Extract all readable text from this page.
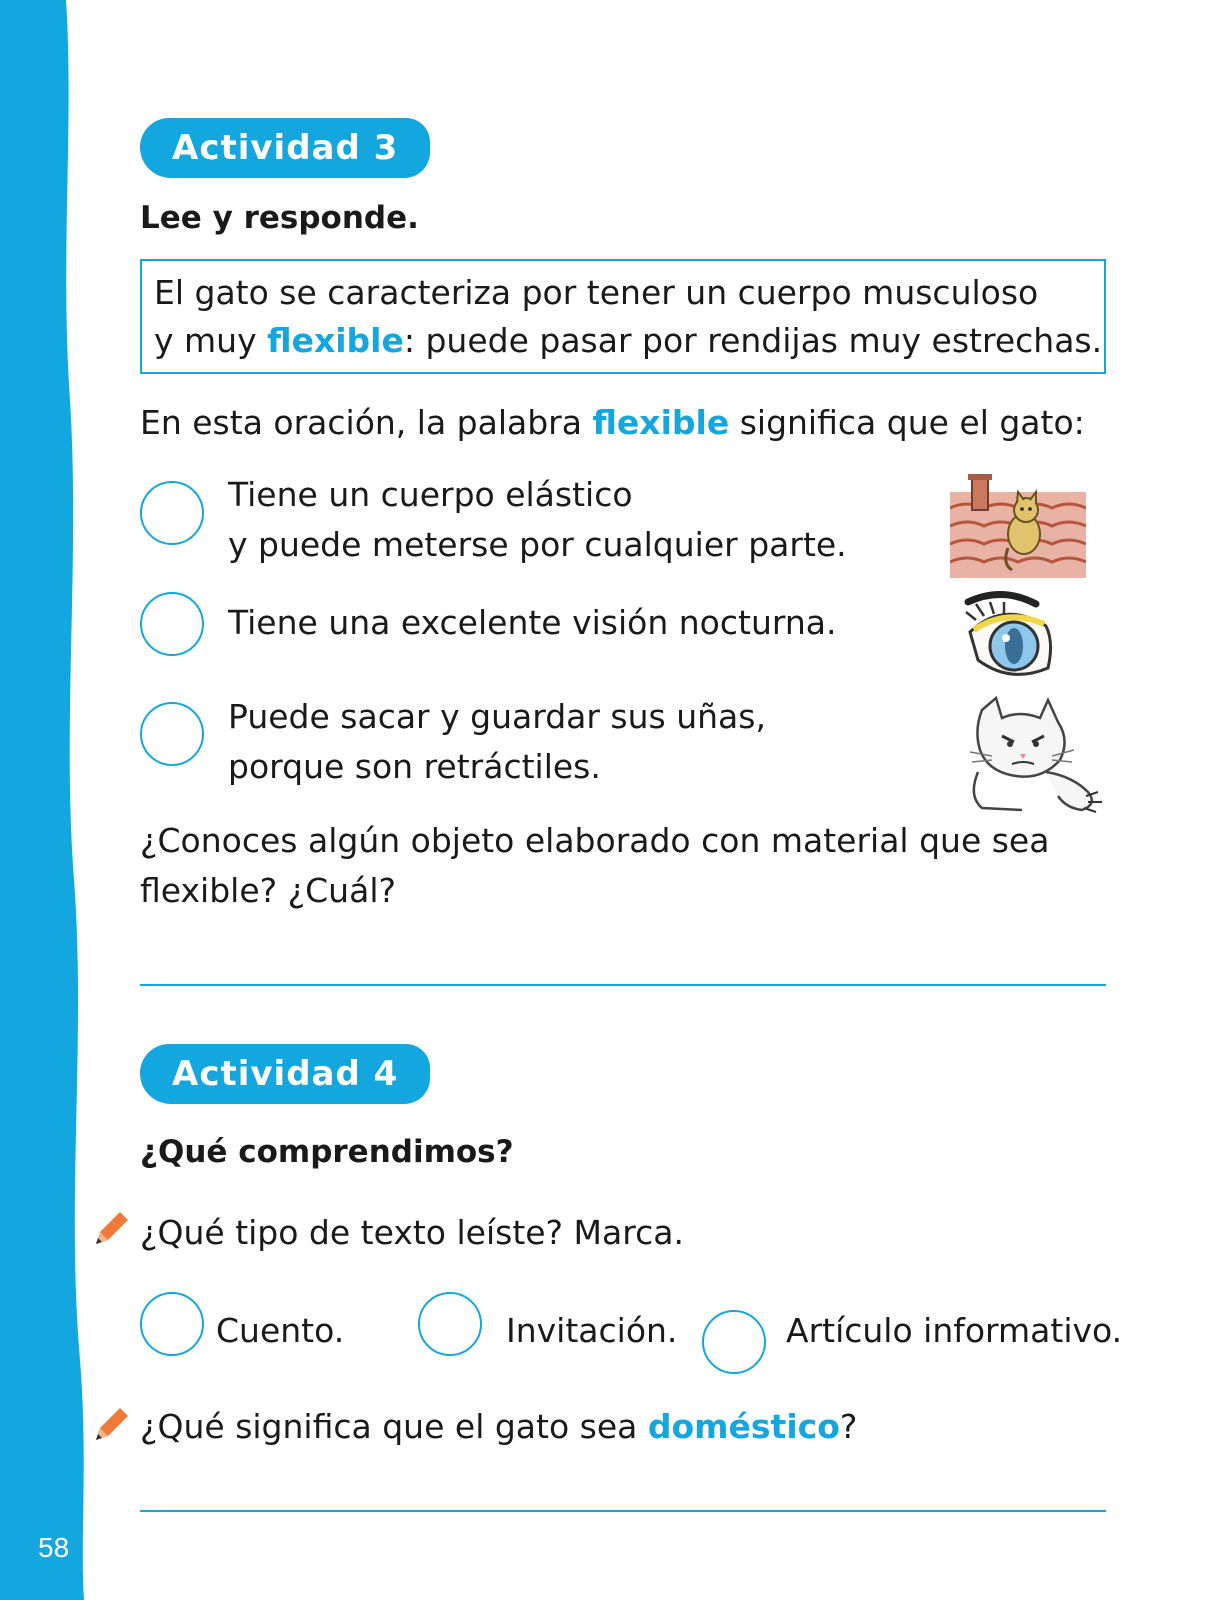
58
Actividad 3
Lee y responde.
El gato se caracteriza por tener un cuerpo musculoso
y muy flexible: puede pasar por rendijas muy estrechas.
En esta oración, la palabra flexible significa que el gato:
Tiene un cuerpo elástico
y puede meterse por cualquier parte.
Tiene una excelente visión nocturna.
Puede sacar y guardar sus uñas,
porque son retráctiles.
¿Conoces algún objeto elaborado con material que sea
flexible? ¿Cuál?
Actividad 4
¿Qué comprendimos?
¿Qué tipo de texto leíste? Marca.
Cuento.	Invitación.	Artículo informativo.
¿Qué significa que el gato sea doméstico?
